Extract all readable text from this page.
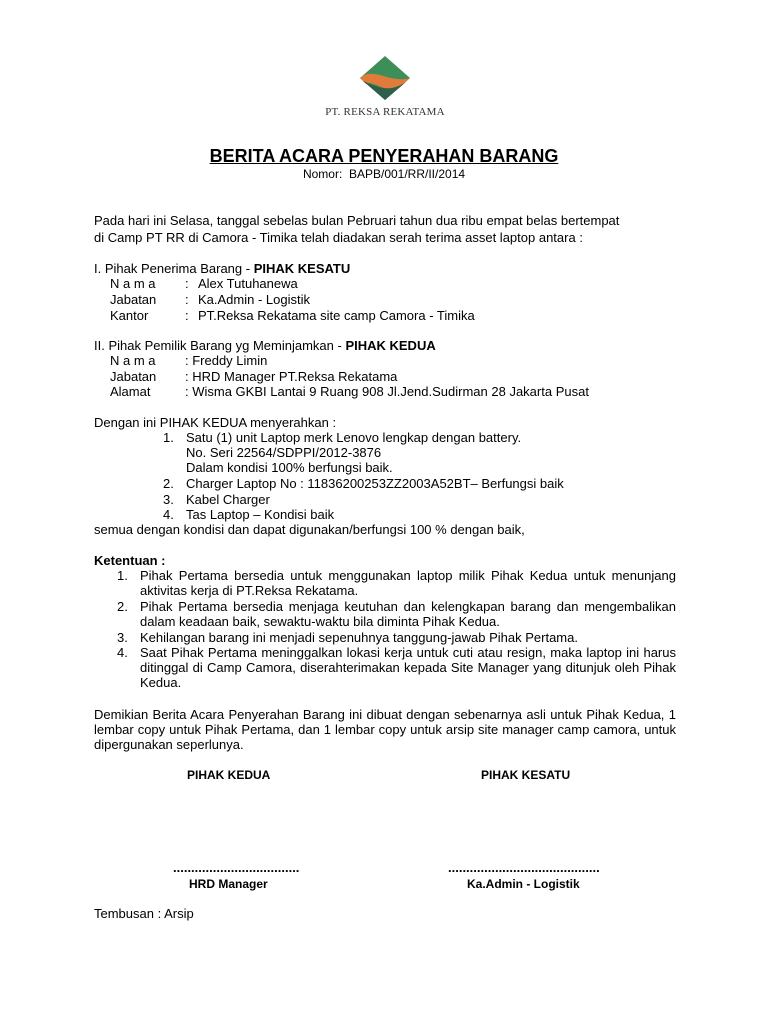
PT. REKSA REKATAMA
BERITA ACARA PENYERAHAN BARANG
Nomor: BAPB/001/RR/II/2014
Pada hari ini Selasa, tanggal sebelas bulan Pebruari tahun dua ribu empat belas bertempat
di Camp PT RR di Camora - Timika telah diadakan serah terima asset laptop antara :
I. Pihak Penerima Barang - PIHAK KESATU
N a m a : Alex Tutuhanewa
Jabatan : Ka.Admin - Logistik
Kantor	: PT.Reksa Rekatama site camp Camora - Timika
II. Pihak Pemilik Barang yg Meminjamkan - PIHAK KEDUA
N a m a : Freddy Limin
Jabatan : HRD Manager PT.Reksa Rekatama
Alamat	: Wisma GKBI Lantai 9 Ruang 908 Jl.Jend.Sudirman 28 Jakarta Pusat
Dengan ini PIHAK KEDUA menyerahkan :
1. Satu (1) unit Laptop merk Lenovo lengkap dengan battery.
No. Seri 22564/SDPPI/2012-3876
Dalam kondisi 100% berfungsi baik.
2. Charger Laptop No : 11836200253ZZ2003A52BT– Berfungsi baik
3. Kabel Charger
4. Tas Laptop – Kondisi baik
semua dengan kondisi dan dapat digunakan/berfungsi 100 % dengan baik,
Ketentuan :
1. Pihak Pertama bersedia untuk menggunakan laptop milik Pihak Kedua untuk menunjang aktivitas kerja di PT.Reksa Rekatama.
2. Pihak Pertama bersedia menjaga keutuhan dan kelengkapan barang dan mengembalikan dalam keadaan baik, sewaktu-waktu bila diminta Pihak Kedua.
3. Kehilangan barang ini menjadi sepenuhnya tanggung-jawab Pihak Pertama.
4. Saat Pihak Pertama meninggalkan lokasi kerja untuk cuti atau resign, maka laptop ini harus ditinggal di Camp Camora, diserahterimakan kepada Site Manager yang ditunjuk oleh Pihak Kedua.
Demikian Berita Acara Penyerahan Barang ini dibuat dengan sebenarnya asli untuk Pihak Kedua, 1 lembar copy untuk Pihak Pertama, dan 1 lembar copy untuk arsip site manager camp camora, untuk dipergunakan seperlunya.
PIHAK KEDUA	PIHAK KESATU
...................................	..........................................
HRD Manager	Ka.Admin - Logistik
Tembusan : Arsip
